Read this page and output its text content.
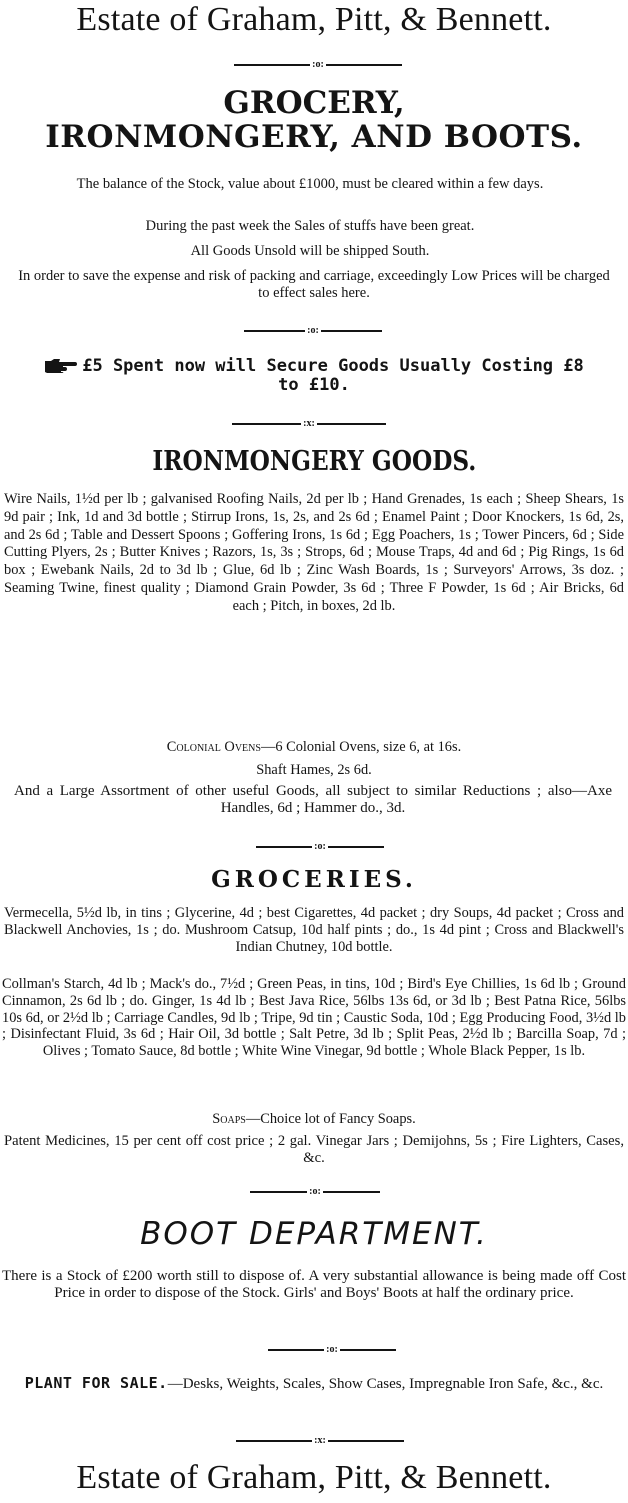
Estate of Graham, Pitt, & Bennett.
:o:
GROCERY,
IRONMONGERY, AND BOOTS.

The balance of the Stock, value about £1000, must be cleared within a few days.

During the past week the Sales of stuffs have been great.

All Goods Unsold will be shipped South.

In order to save the expense and risk of packing and carriage, exceedingly Low Prices will be charged to effect sales here.

:o:
£5 Spent now will Secure Goods Usually Costing £8 to £10.
:x:
IRONMONGERY GOODS.
Wire Nails, 1½d per lb ; galvanised Roofing Nails, 2d per lb ; Hand Grenades, 1s each ; Sheep Shears, 1s 9d pair ; Ink, 1d and 3d bottle ; Stirrup Irons, 1s, 2s, and 2s 6d ; Enamel Paint ; Door Knockers, 1s 6d, 2s, and 2s 6d ; Table and Dessert Spoons ; Goffering Irons, 1s 6d ; Egg Poachers, 1s ; Tower Pincers, 6d ; Side Cutting Plyers, 2s ; Butter Knives ; Razors, 1s, 3s ; Strops, 6d ; Mouse Traps, 4d and 6d ; Pig Rings, 1s 6d box ; Ewebank Nails, 2d to 3d lb ; Glue, 6d lb ; Zinc Wash Boards, 1s ; Surveyors' Arrows, 3s doz. ; Seaming Twine, finest quality ; Diamond Grain Powder, 3s 6d ; Three F Powder, 1s 6d ; Air Bricks, 6d each ; Pitch, in boxes, 2d lb.
Colonial Ovens—6 Colonial Ovens, size 6, at 16s.
Shaft Hames, 2s 6d.
And a Large Assortment of other useful Goods, all subject to similar Reductions ; also—Axe Handles, 6d ; Hammer do., 3d.
:o:
GROCERIES.
Vermecella, 5½d lb, in tins ; Glycerine, 4d ; best Cigarettes, 4d packet ; dry Soups, 4d packet ; Cross and Blackwell Anchovies, 1s ; do. Mushroom Catsup, 10d half pints ; do., 1s 4d pint ; Cross and Blackwell's Indian Chutney, 10d bottle.
Collman's Starch, 4d lb ; Mack's do., 7½d ; Green Peas, in tins, 10d ; Bird's Eye Chillies, 1s 6d lb ; Ground Cinnamon, 2s 6d lb ; do. Ginger, 1s 4d lb ; Best Java Rice, 56lbs 13s 6d, or 3d lb ; Best Patna Rice, 56lbs 10s 6d, or 2½d lb ; Carriage Candles, 9d lb ; Tripe, 9d tin ; Caustic Soda, 10d ; Egg Producing Food, 3½d lb ; Disinfectant Fluid, 3s 6d ; Hair Oil, 3d bottle ; Salt Petre, 3d lb ; Split Peas, 2½d lb ; Barcilla Soap, 7d ; Olives ; Tomato Sauce, 8d bottle ; White Wine Vinegar, 9d bottle ; Whole Black Pepper, 1s lb.
Soaps—Choice lot of Fancy Soaps.
Patent Medicines, 15 per cent off cost price ; 2 gal. Vinegar Jars ; Demijohns, 5s ; Fire Lighters, Cases, &c.
:o:
BOOT DEPARTMENT.
There is a Stock of £200 worth still to dispose of. A very substantial allowance is being made off Cost Price in order to dispose of the Stock. Girls' and Boys' Boots at half the ordinary price.
:o:
PLANT FOR SALE.—Desks, Weights, Scales, Show Cases, Impregnable Iron Safe, &c., &c.
:x:
Estate of Graham, Pitt, & Bennett.
